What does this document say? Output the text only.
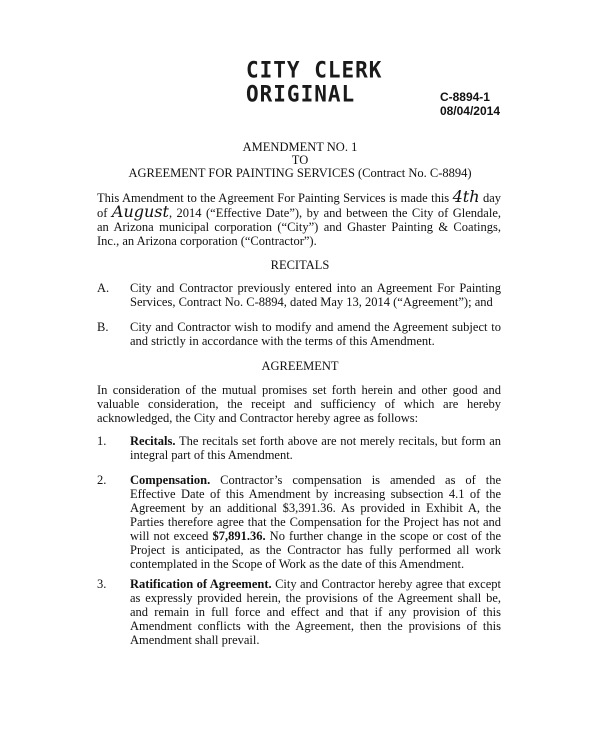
CITY CLERK
ORIGINAL	C-8894-1
08/04/2014
AMENDMENT NO. 1
TO
AGREEMENT FOR PAINTING SERVICES (Contract No. C-8894)
This Amendment to the Agreement For Painting Services is made this 4th day of August, 2014 (“Effective Date”), by and between the City of Glendale, an Arizona municipal corporation (“City”) and Ghaster Painting & Coatings, Inc., an Arizona corporation (“Contractor”).
RECITALS
A. City and Contractor previously entered into an Agreement For Painting Services, Contract No. C-8894, dated May 13, 2014 (“Agreement”); and
B. City and Contractor wish to modify and amend the Agreement subject to and strictly in accordance with the terms of this Amendment.
AGREEMENT
In consideration of the mutual promises set forth herein and other good and valuable consideration, the receipt and sufficiency of which are hereby acknowledged, the City and Contractor hereby agree as follows:
1. Recitals. The recitals set forth above are not merely recitals, but form an integral part of this Amendment.
2. Compensation. Contractor’s compensation is amended as of the Effective Date of this Amendment by increasing subsection 4.1 of the Agreement by an additional $3,391.36. As provided in Exhibit A, the Parties therefore agree that the Compensation for the Project has not and will not exceed $7,891.36. No further change in the scope or cost of the Project is anticipated, as the Contractor has fully performed all work contemplated in the Scope of Work as the date of this Amendment.
3. Ratification of Agreement. City and Contractor hereby agree that except as expressly provided herein, the provisions of the Agreement shall be, and remain in full force and effect and that if any provision of this Amendment conflicts with the Agreement, then the provisions of this Amendment shall prevail.
